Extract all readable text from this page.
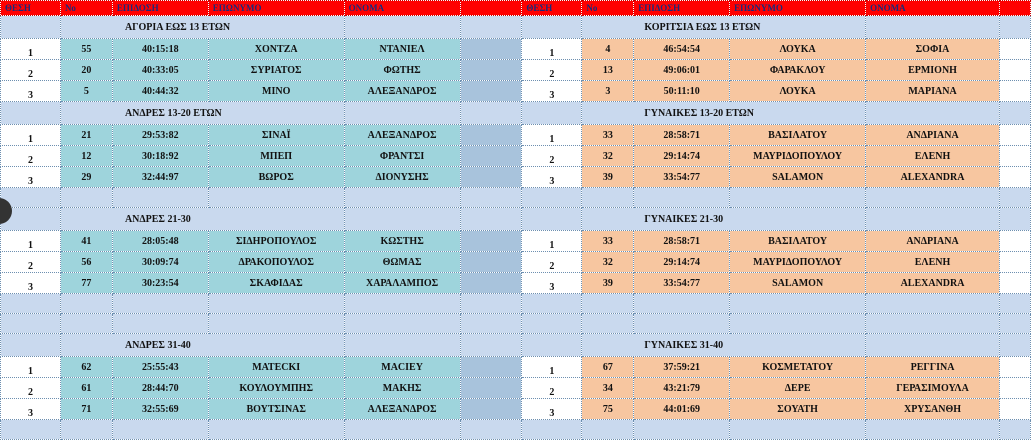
ΘΕΣΗ	Νο	ΕΠΙΔΟΣΗ	ΕΠΩΝΥΜΟ	ΟΝΟΜΑ		ΘΕΣΗ	Νο	ΕΠΙΔΟΣΗ	ΕΠΩΝΥΜΟ	ΟΝΟΜΑ	
	ΑΓΟΡΙΑ ΕΩΣ 13 ΕΤΩΝ						ΚΟΡΙΤΣΙΑ ΕΩΣ 13 ΕΤΩΝ				
1	55	40:15:18	ΧΟΝΤΖΑ	ΝΤΑΝΙΕΛ		1	4	46:54:54	ΛΟΥΚΑ	ΣΟΦΙΑ	
2	20	40:33:05	ΣΥΡΙΑΤΟΣ	ΦΩΤΗΣ		2	13	49:06:01	ΦΑΡΑΚΛΟΥ	ΕΡΜΙΟΝΗ	
3	5	40:44:32	ΜΙΝΟ	ΑΛΕΞΑΝΔΡΟΣ		3	3	50:11:10	ΛΟΥΚΑ	ΜΑΡΙΑΝΑ	
	ΑΝΔΡΕΣ 13-20 ΕΤΩΝ						ΓΥΝΑΙΚΕΣ 13-20 ΕΤΩΝ				
1	21	29:53:82	ΣΙΝΑΪ	ΑΛΕΞΑΝΔΡΟΣ		1	33	28:58:71	ΒΑΣΙΛΑΤΟΥ	ΑΝΔΡΙΑΝΑ	
2	12	30:18:92	ΜΠΕΠ	ΦΡΑΝΤΣΙ		2	32	29:14:74	ΜΑΥΡΙΔΟΠΟΥΛΟΥ	ΕΛΕΝΗ	
3	29	32:44:97	ΒΩΡΟΣ	ΔΙΟΝΥΣΗΣ		3	39	33:54:77	SALAMON	ALEXANDRA	

	ΑΝΔΡΕΣ 21-30						ΓΥΝΑΙΚΕΣ 21-30				
1	41	28:05:48	ΣΙΔΗΡΟΠΟΥΛΟΣ	ΚΩΣΤΗΣ		1	33	28:58:71	ΒΑΣΙΛΑΤΟΥ	ΑΝΔΡΙΑΝΑ	
2	56	30:09:74	ΔΡΑΚΟΠΟΥΛΟΣ	ΘΩΜΑΣ		2	32	29:14:74	ΜΑΥΡΙΔΟΠΟΥΛΟΥ	ΕΛΕΝΗ	
3	77	30:23:54	ΣΚΑΦΙΔΑΣ	ΧΑΡΑΛΑΜΠΟΣ		3	39	33:54:77	SALAMON	ALEXANDRA	

	ΑΝΔΡΕΣ 31-40						ΓΥΝΑΙΚΕΣ 31-40				
1	62	25:55:43	ΜΑΤΕCKI	MACIEY		1	67	37:59:21	ΚΟΣΜΕΤΑΤΟΥ	ΡΕΓΓΙΝΑ	
2	61	28:44:70	ΚΟΥΛΟΥΜΠΗΣ	ΜΑΚΗΣ		2	34	43:21:79	ΔΕΡΕ	ΓΕΡΑΣΙΜΟΥΛΑ	
3	71	32:55:69	ΒΟΥΤΣΙΝΑΣ	ΑΛΕΞΑΝΔΡΟΣ		3	75	44:01:69	ΣΟΥΑΤΗ	ΧΡΥΣΑΝΘΗ	
